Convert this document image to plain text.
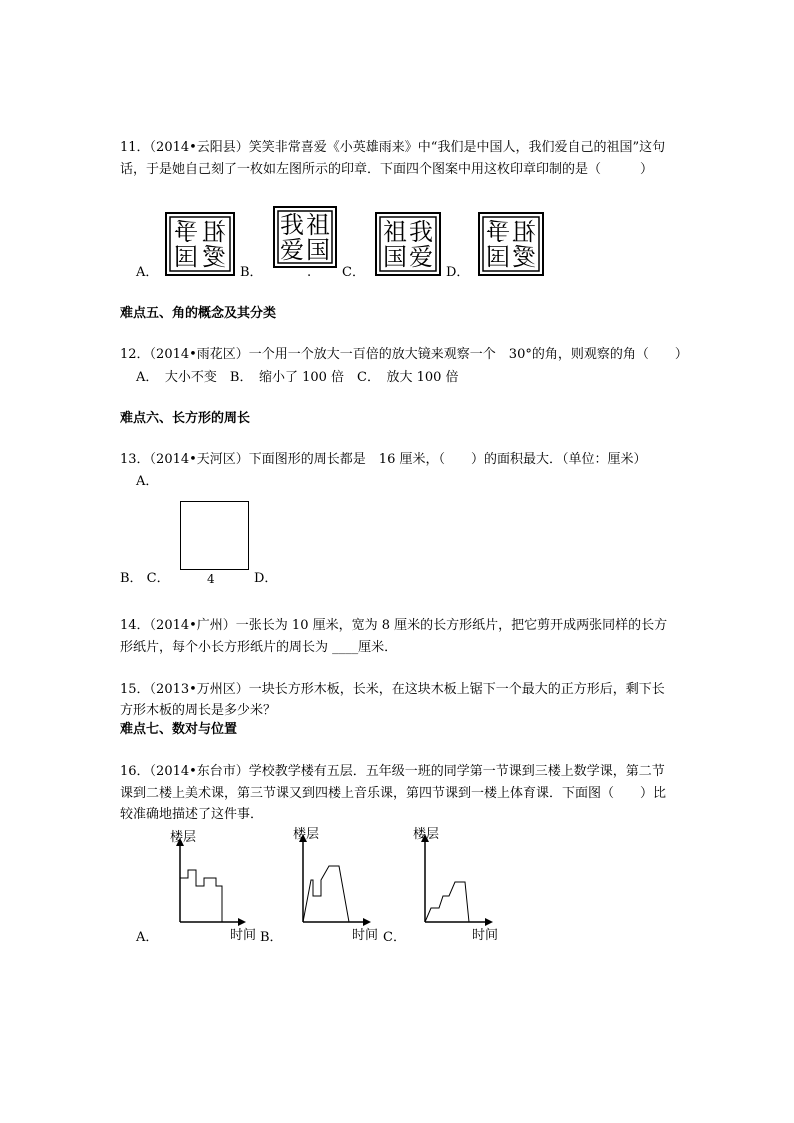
11．（2014•云阳县）笑笑非常喜爱《小英雄雨来》中“我们是中国人，我们爱自己的祖国”这句
话，于是她自己刻了一枚如左图所示的印章．下面四个图案中用这枚印章印制的是（　　　）
爭 祖
国 愛
我 祖
爱 国
祖 我
国 爱
爭 祖
国 愛
A．	B．	. C．	D．
难点五、角的概念及其分类
12．（2014•雨花区）一个用一个放大一百倍的放大镜来观察一个　30°的角，则观察的角（　　）
A．　大小不变　B．　缩小了 100 倍　C．　放大 100 倍
难点六、长方形的周长
13．（2014•天河区）下面图形的周长都是　16 厘米，（　　）的面积最大．（单位：厘米）
A．
B． C．	4	D．
14．（2014•广州）一张长为 10 厘米，宽为 8 厘米的长方形纸片，把它剪开成两张同样的长方
形纸片，每个小长方形纸片的周长为 ____厘米．
15．（2013•万州区）一块长方形木板，长米，在这块木板上锯下一个最大的正方形后，剩下长
方形木板的周长是多少米？
难点七、数对与位置
16．（2014•东台市）学校教学楼有五层．五年级一班的同学第一节课到三楼上数学课，第二节
课到二楼上美术课，第三节课又到四楼上音乐课，第四节课到一楼上体育课．下面图（　　）比
较准确地描述了这件事．
楼层
时间
A．
楼层
时间
B．
楼层
时间
C．
